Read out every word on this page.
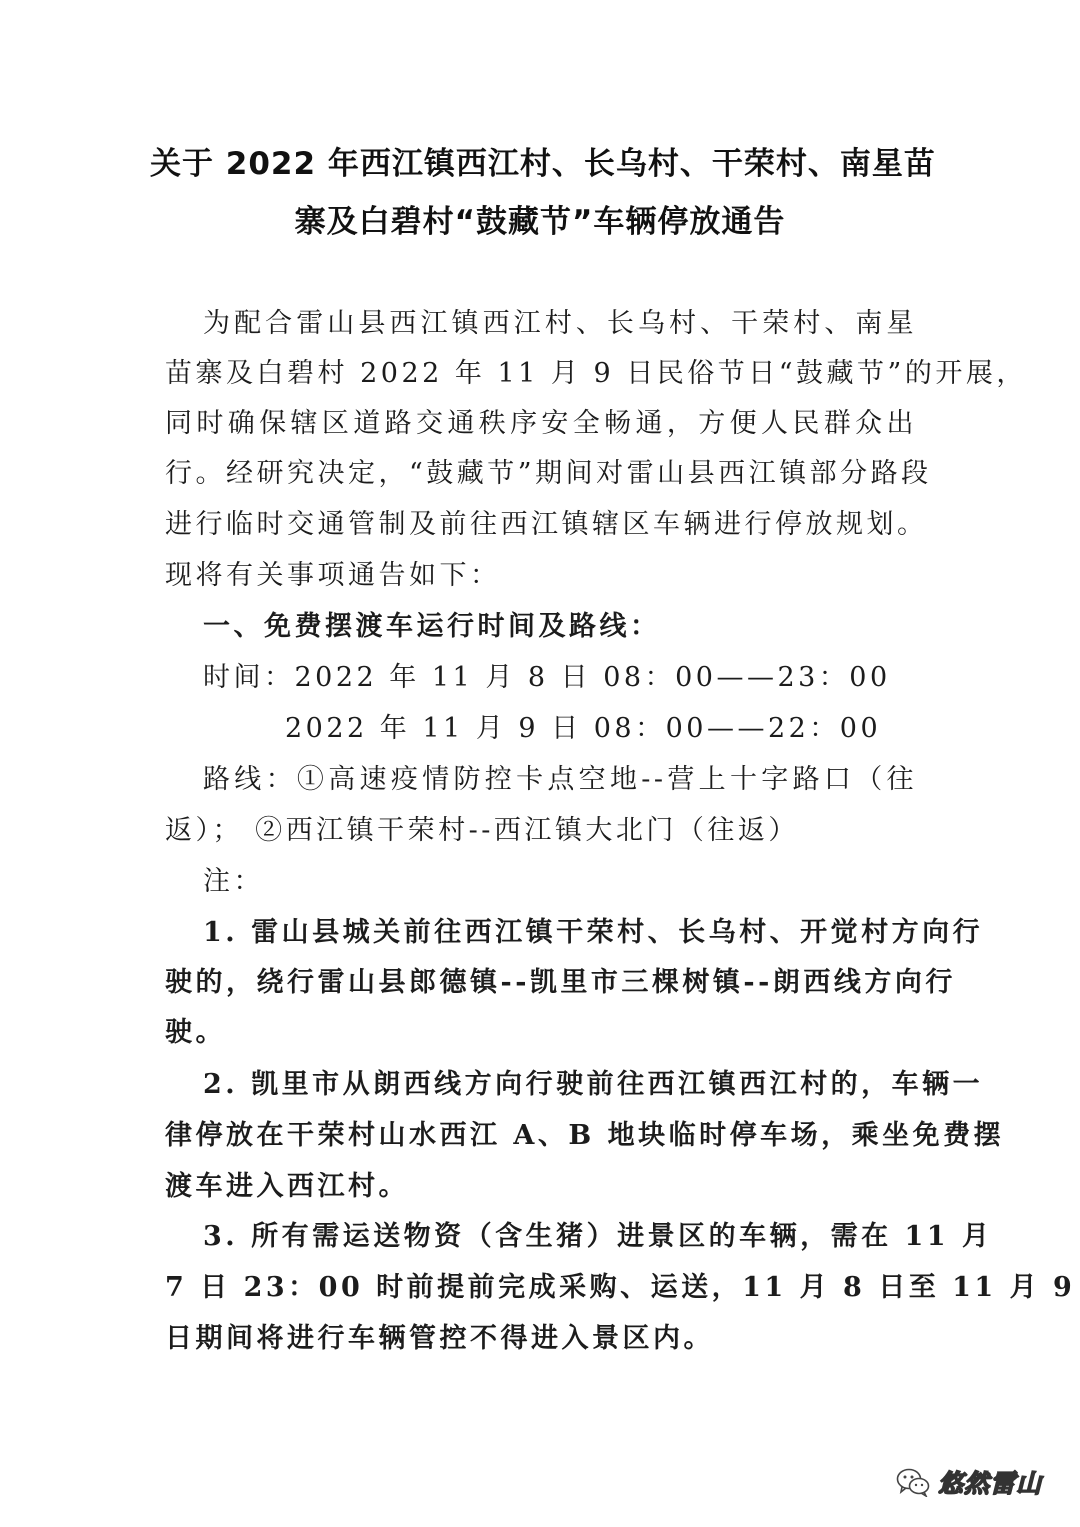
关于 2022 年西江镇西江村、长乌村、干荣村、南星苗
寨及白碧村“鼓藏节”车辆停放通告
为配合雷山县西江镇西江村、长乌村、干荣村、南星
苗寨及白碧村 2022 年 11 月 9 日民俗节日“鼓藏节”的开展，
同时确保辖区道路交通秩序安全畅通，方便人民群众出
行。经研究决定，“鼓藏节”期间对雷山县西江镇部分路段
进行临时交通管制及前往西江镇辖区车辆进行停放规划。
现将有关事项通告如下：
一、免费摆渡车运行时间及路线：
时间：2022 年 11 月 8 日 08：00——23：00
2022 年 11 月 9 日 08：00——22：00
路线：①高速疫情防控卡点空地--营上十字路口（往
返）； ②西江镇干荣村--西江镇大北门（往返）
注：
1. 雷山县城关前往西江镇干荣村、长乌村、开觉村方向行
驶的，绕行雷山县郎德镇--凯里市三棵树镇--朗西线方向行
驶。
2. 凯里市从朗西线方向行驶前往西江镇西江村的，车辆一
律停放在干荣村山水西江 A、B 地块临时停车场，乘坐免费摆
渡车进入西江村。
3. 所有需运送物资（含生猪）进景区的车辆，需在 11 月
7 日 23：00 时前提前完成采购、运送，11 月 8 日至 11 月 9
日期间将进行车辆管控不得进入景区内。
悠然雷山
